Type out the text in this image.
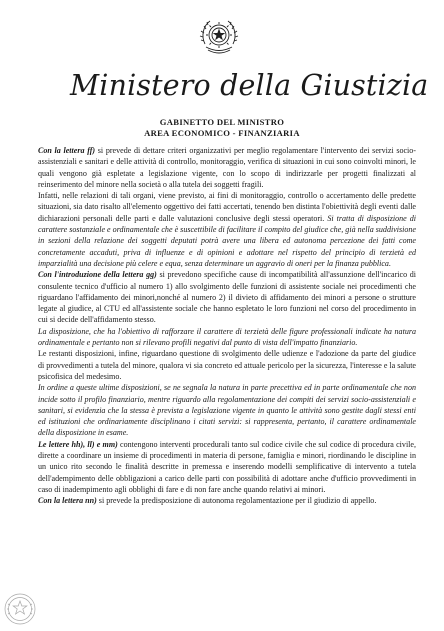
Ministero della Giustizia
GABINETTO DEL MINISTRO
AREA ECONOMICO - FINANZIARIA

Con la lettera ff) si prevede di dettare criteri organizzativi per meglio regolamentare l'intervento dei servizi socio-assistenziali e sanitari e delle attività di controllo, monitoraggio, verifica di situazioni in cui sono coinvolti minori, le quali vengono già espletate a legislazione vigente, con lo scopo di indirizzarle per progetti finalizzati al reinserimento del minore nella società o alla tutela dei soggetti fragili.

Infatti, nelle relazioni di tali organi, viene previsto, ai fini di monitoraggio, controllo o accertamento delle predette situazioni, sia dato risalto all'elemento oggettivo dei fatti accertati, tenendo ben distinta l'obiettività degli eventi dalle dichiarazioni personali delle parti e dalle valutazioni conclusive degli stessi operatori. Si tratta di disposizione di carattere sostanziale e ordinamentale che è suscettibile di facilitare il compito del giudice che, già nella suddivisione in sezioni della relazione dei soggetti deputati potrà avere una libera ed autonoma percezione dei fatti come concretamente accaduti, priva di influenze e di opinioni e adottare nel rispetto del principio di terzietà ed imparzialità una decisione più celere e equa, senza determinare un aggravio di oneri per la finanza pubblica.

Con l'introduzione della lettera gg) si prevedono specifiche cause di incompatibilità all'assunzione dell'incarico di consulente tecnico d'ufficio al numero 1) allo svolgimento delle funzioni di assistente sociale nei procedimenti che riguardano l'affidamento dei minori,nonché al numero 2) il divieto di affidamento dei minori a persone o strutture legate al giudice, al CTU ed all'assistente sociale che hanno espletato le loro funzioni nel corso del procedimento in cui si decide dell'affidamento stesso.

La disposizione, che ha l'obiettivo di rafforzare il carattere di terzietà delle figure professionali indicate ha natura ordinamentale e pertanto non si rilevano profili negativi dal punto di vista dell'impatto finanziario.

Le restanti disposizioni, infine, riguardano questione di svolgimento delle udienze e l'adozione da parte del giudice di provvedimenti a tutela del minore, qualora vi sia concreto ed attuale pericolo per la sicurezza, l'interesse e la salute psicofisica del medesimo.

In ordine a queste ultime disposizioni, se ne segnala la natura in parte precettiva ed in parte ordinamentale che non incide sotto il profilo finanziario, mentre riguardo alla regolamentazione dei compiti dei servizi socio-assistenziali e sanitari, si evidenzia che la stessa è prevista a legislazione vigente in quanto le attività sono gestite dagli stessi enti ed istituzioni che ordinariamente disciplinano i citati servizi: si rappresenta, pertanto, il carattere ordinamentale della disposizione in esame.

Le lettere hh), ll) e mm) contengono interventi procedurali tanto sul codice civile che sul codice di procedura civile, dirette a coordinare un insieme di procedimenti in materia di persone, famiglia e minori, riordinando le discipline in un unico rito secondo le finalità descritte in premessa e inserendo modelli semplificative di intervento a tutela dell'adempimento delle obbligazioni a carico delle parti con possibilità di adottare anche d'ufficio provvedimenti in caso di inadempimento agli obblighi di fare e di non fare anche quando relativi ai minori.

Con la lettera nn) si prevede la predisposizione di autonoma regolamentazione per il giudizio di appello.
